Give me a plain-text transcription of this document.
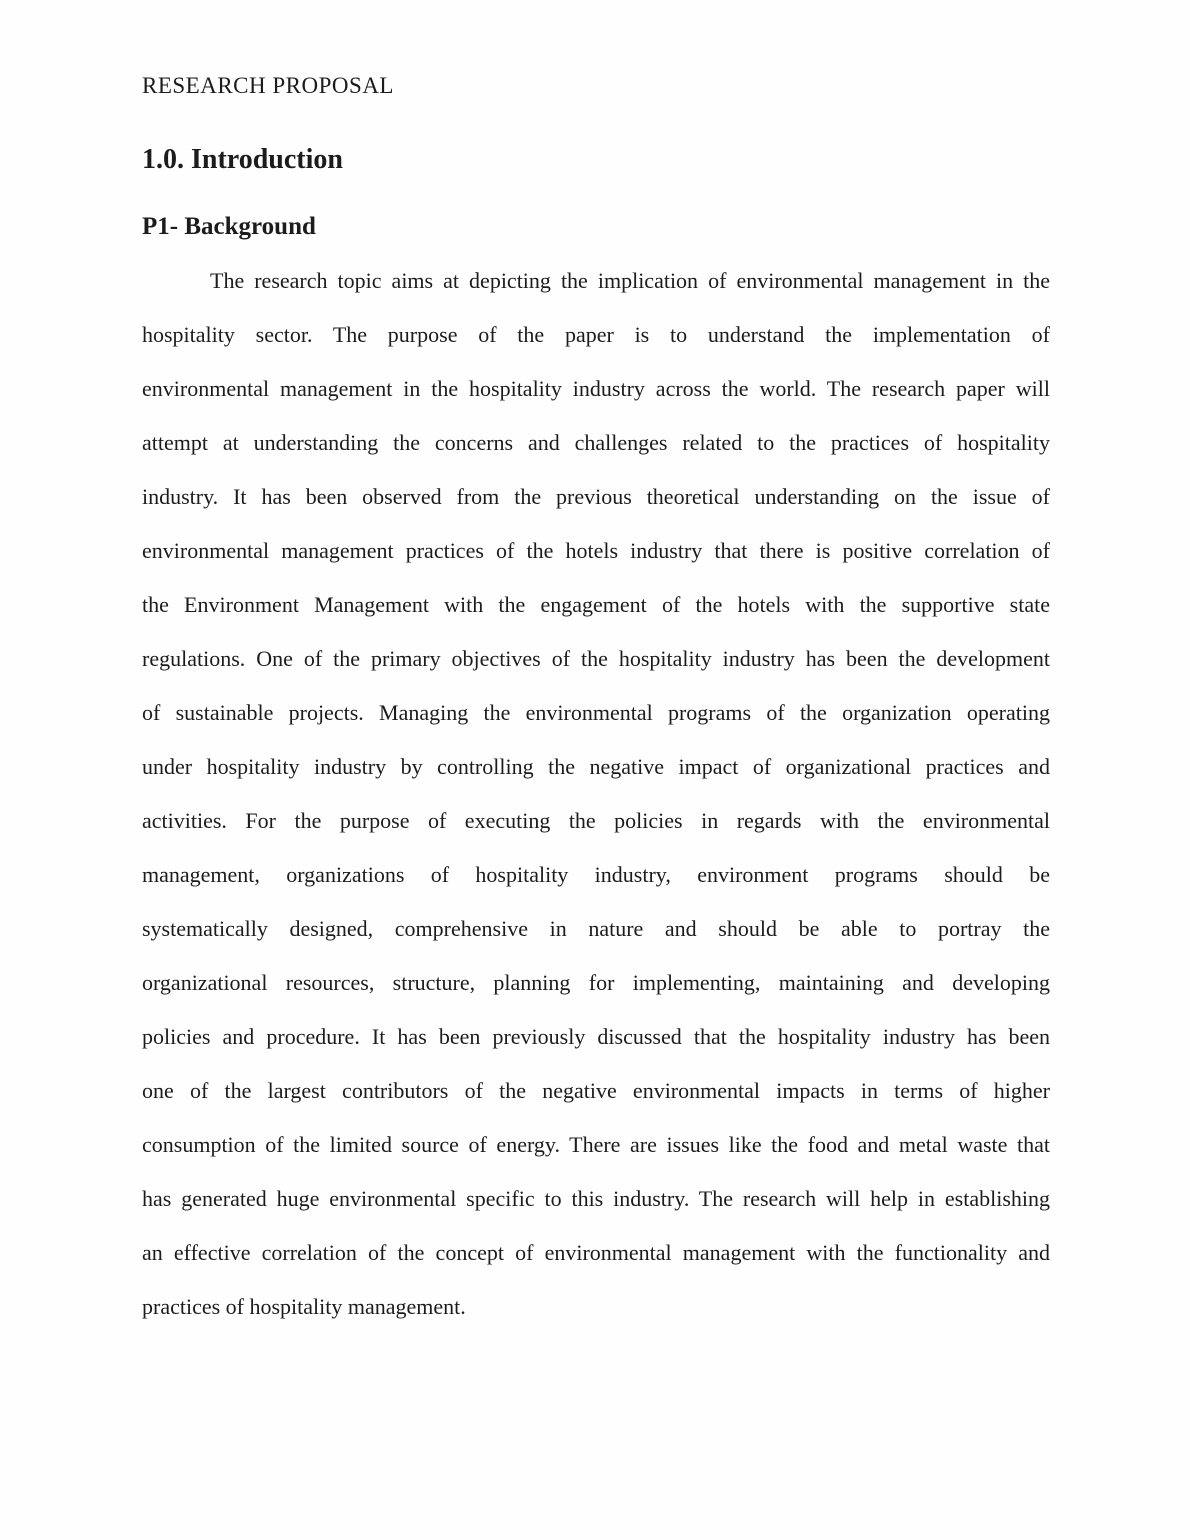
RESEARCH PROPOSAL
1.0. Introduction
P1- Background
The research topic aims at depicting the implication of environmental management in the
hospitality sector. The purpose of the paper is to understand the implementation of
environmental management in the hospitality industry across the world. The research paper will
attempt at understanding the concerns and challenges related to the practices of hospitality
industry. It has been observed from the previous theoretical understanding on the issue of
environmental management practices of the hotels industry that there is positive correlation of
the Environment Management with the engagement of the hotels with the supportive state
regulations. One of the primary objectives of the hospitality industry has been the development
of sustainable projects. Managing the environmental programs of the organization operating
under hospitality industry by controlling the negative impact of organizational practices and
activities. For the purpose of executing the policies in regards with the environmental
management, organizations of hospitality industry, environment programs should be
systematically designed, comprehensive in nature and should be able to portray the
organizational resources, structure, planning for implementing, maintaining and developing
policies and procedure. It has been previously discussed that the hospitality industry has been
one of the largest contributors of the negative environmental impacts in terms of higher
consumption of the limited source of energy. There are issues like the food and metal waste that
has generated huge environmental specific to this industry. The research will help in establishing
an effective correlation of the concept of environmental management with the functionality and
practices of hospitality management.
